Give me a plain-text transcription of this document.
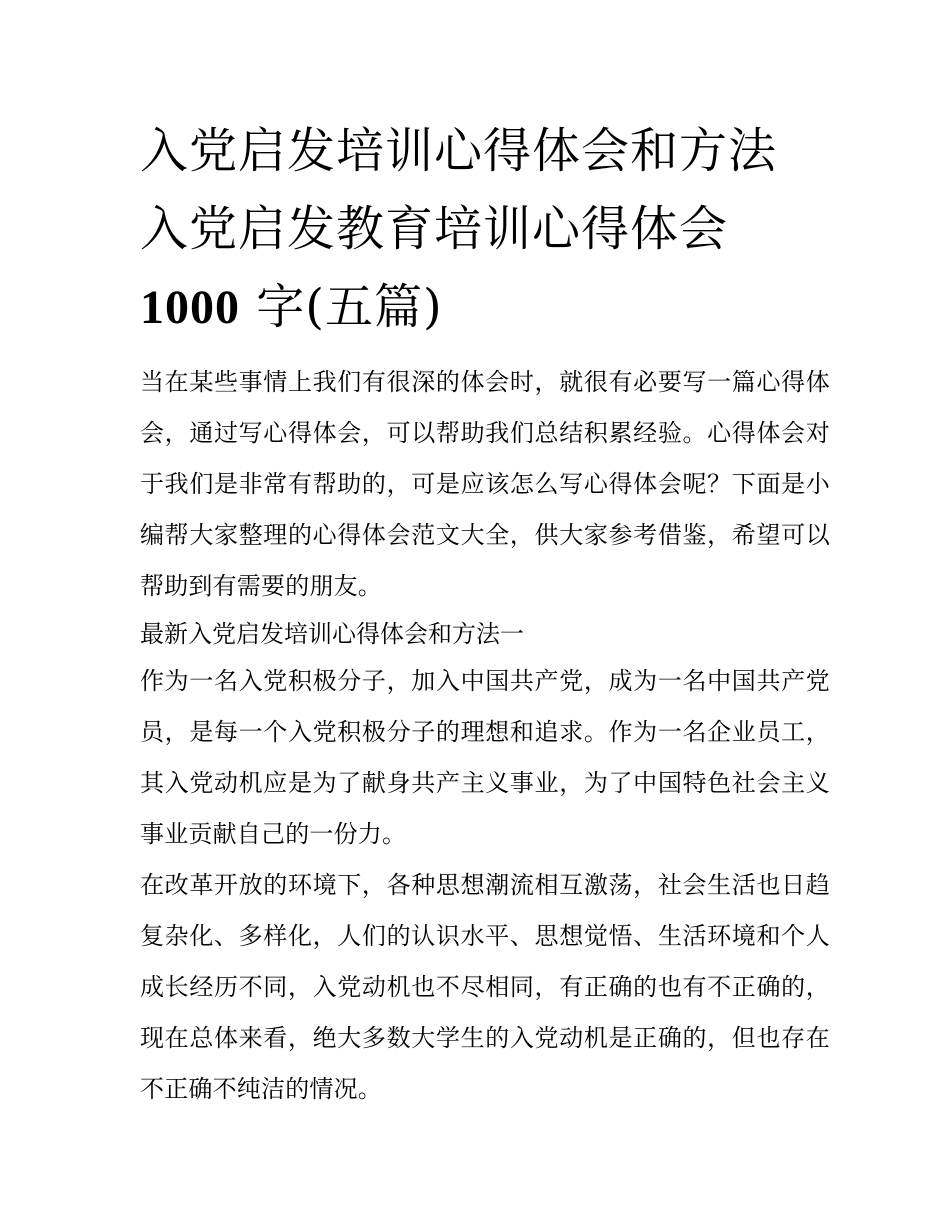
入党启发培训心得体会和方法
入党启发教育培训心得体会
1000 字(五篇)

当在某些事情上我们有很深的体会时，就很有必要写一篇心得体会，通过写心得体会，可以帮助我们总结积累经验。心得体会对于我们是非常有帮助的，可是应该怎么写心得体会呢？下面是小编帮大家整理的心得体会范文大全，供大家参考借鉴，希望可以帮助到有需要的朋友。

最新入党启发培训心得体会和方法一

作为一名入党积极分子，加入中国共产党，成为一名中国共产党员，是每一个入党积极分子的理想和追求。作为一名企业员工，其入党动机应是为了献身共产主义事业，为了中国特色社会主义事业贡献自己的一份力。

在改革开放的环境下，各种思想潮流相互激荡，社会生活也日趋复杂化、多样化，人们的认识水平、思想觉悟、生活环境和个人成长经历不同，入党动机也不尽相同，有正确的也有不正确的，现在总体来看，绝大多数大学生的入党动机是正确的，但也存在不正确不纯洁的情况。
